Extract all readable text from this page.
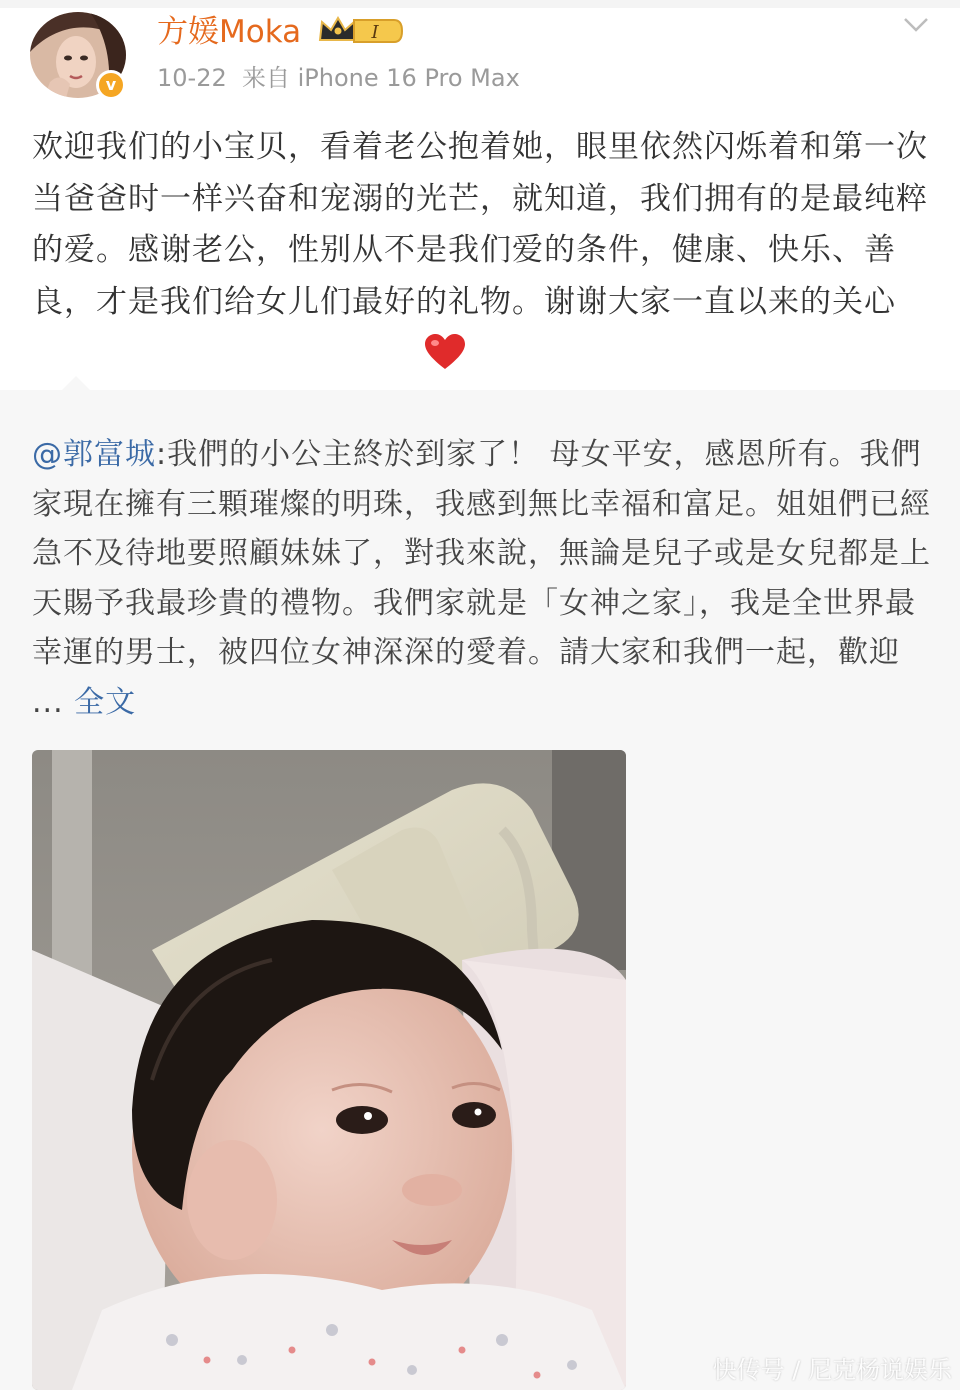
v
方媛Moka	I
10-22 来自 iPhone 16 Pro Max
欢迎我们的小宝贝，看着老公抱着她，眼里依然闪烁着和第一次当爸爸时一样兴奋和宠溺的光芒，就知道，我们拥有的是最纯粹的爱。感谢老公，性别从不是我们爱的条件，健康、快乐、善良，才是我们给女儿们最好的礼物。谢谢大家一直以来的关心
@郭富城:我們的小公主終於到家了！ 母女平安，感恩所有。我們家現在擁有三顆璀燦的明珠，我感到無比幸福和富足。姐姐們已經急不及待地要照顧妹妹了，對我來說，無論是兒子或是女兒都是上天賜予我最珍貴的禮物。我們家就是「女神之家」，我是全世界最幸運的男士，被四位女神深深的愛着。請大家和我們一起，歡迎 ... 全文
快传号 / 尼克杨说娱乐
